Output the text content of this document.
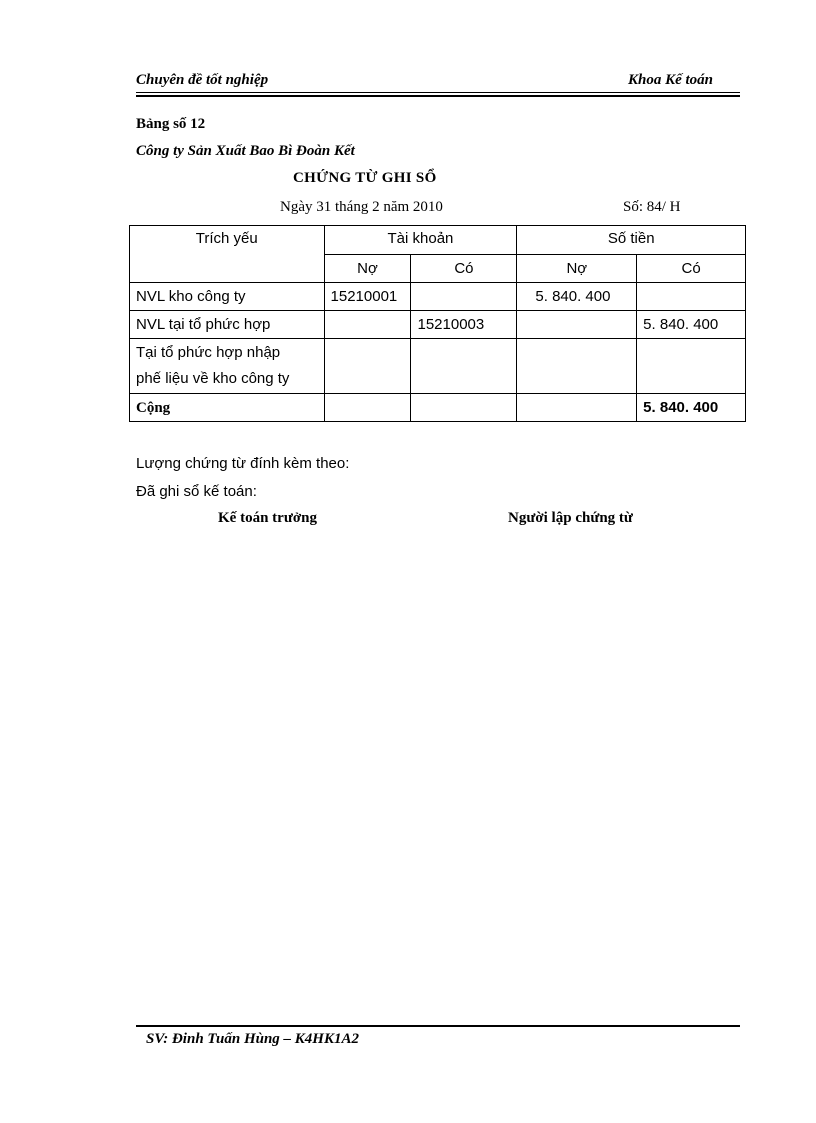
Chuyên đề tốt nghiệp	Khoa Kế toán
Bảng số 12
Công ty Sản Xuất Bao Bì Đoàn Kết
CHỨNG TỪ GHI SỔ
Ngày 31 tháng 2 năm 2010	Số: 84/ H
Trích yếu	Tài khoản		Số tiền	
	Nợ	Có	Nợ	Có
NVL kho công ty	15210001		5. 840. 400	
NVL tại tổ phức hợp		15210003		5. 840. 400

Tại tổ phức hợp nhập
phế liệu về kho công ty				

Cộng				5. 840. 400
Lượng chứng từ đính kèm theo:
Đã ghi sổ kế toán:
Kế toán trưởng	Người lập chứng từ
SV: Đinh Tuấn Hùng – K4HK1A2
